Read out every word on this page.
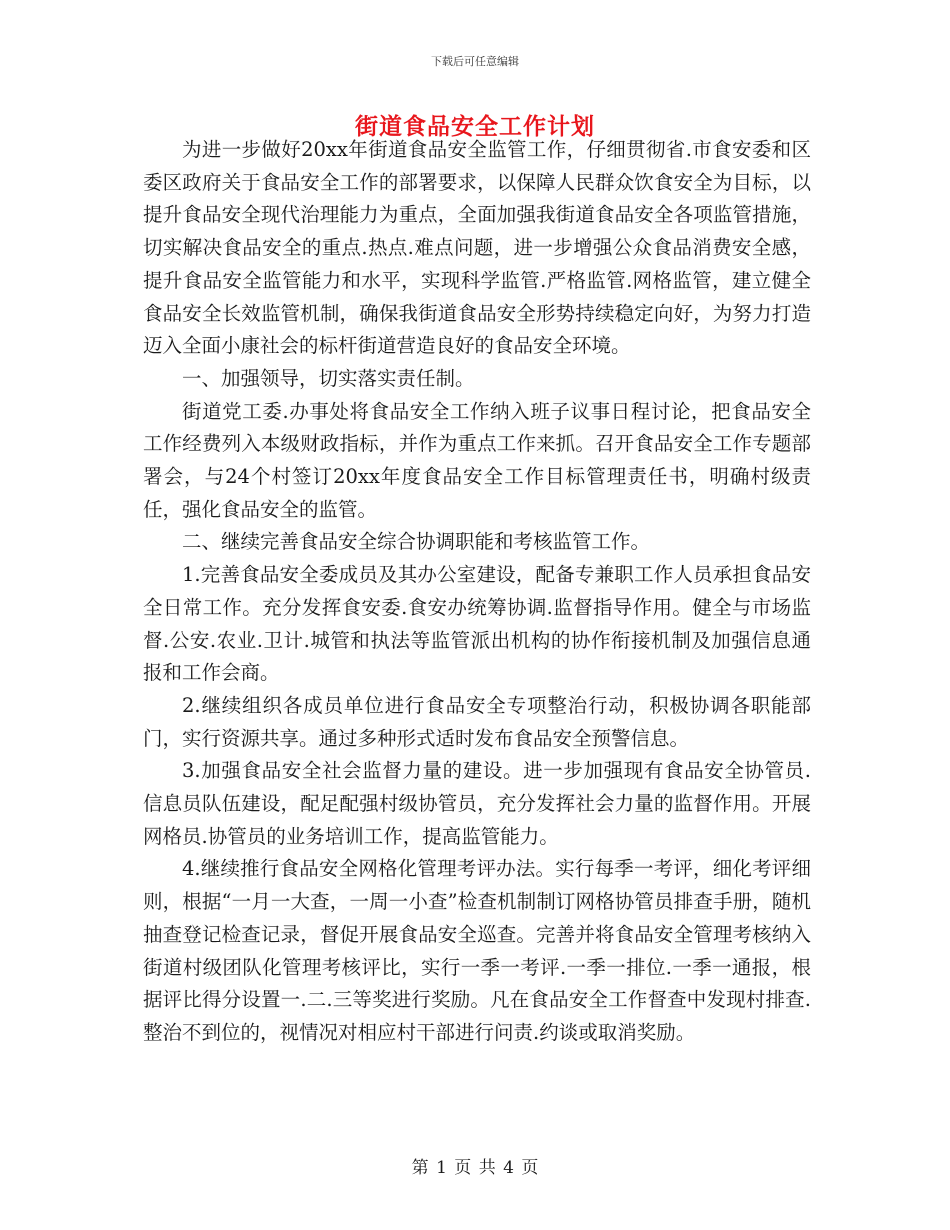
下载后可任意编辑
街道食品安全工作计划

为进一步做好20xx年街道食品安全监管工作，仔细贯彻省.市食安委和区委区政府关于食品安全工作的部署要求，以保障人民群众饮食安全为目标，以提升食品安全现代治理能力为重点，全面加强我街道食品安全各项监管措施，切实解决食品安全的重点.热点.难点问题，进一步增强公众食品消费安全感，提升食品安全监管能力和水平，实现科学监管.严格监管.网格监管，建立健全食品安全长效监管机制，确保我街道食品安全形势持续稳定向好，为努力打造迈入全面小康社会的标杆街道营造良好的食品安全环境。

一、加强领导，切实落实责任制。

街道党工委.办事处将食品安全工作纳入班子议事日程讨论，把食品安全工作经费列入本级财政指标，并作为重点工作来抓。召开食品安全工作专题部署会，与24个村签订20xx年度食品安全工作目标管理责任书，明确村级责任，强化食品安全的监管。

二、继续完善食品安全综合协调职能和考核监管工作。

1.完善食品安全委成员及其办公室建设，配备专兼职工作人员承担食品安全日常工作。充分发挥食安委.食安办统筹协调.监督指导作用。健全与市场监督.公安.农业.卫计.城管和执法等监管派出机构的协作衔接机制及加强信息通报和工作会商。

2.继续组织各成员单位进行食品安全专项整治行动，积极协调各职能部门，实行资源共享。通过多种形式适时发布食品安全预警信息。

3.加强食品安全社会监督力量的建设。进一步加强现有食品安全协管员.信息员队伍建设，配足配强村级协管员，充分发挥社会力量的监督作用。开展网格员.协管员的业务培训工作，提高监管能力。

4.继续推行食品安全网格化管理考评办法。实行每季一考评，细化考评细则，根据“一月一大查，一周一小查”检查机制制订网格协管员排查手册，随机抽查登记检查记录，督促开展食品安全巡查。完善并将食品安全管理考核纳入街道村级团队化管理考核评比，实行一季一考评.一季一排位.一季一通报，根据评比得分设置一.二.三等奖进行奖励。凡在食品安全工作督查中发现村排查.整治不到位的，视情况对相应村干部进行问责.约谈或取消奖励。

第 1 页 共 4 页
